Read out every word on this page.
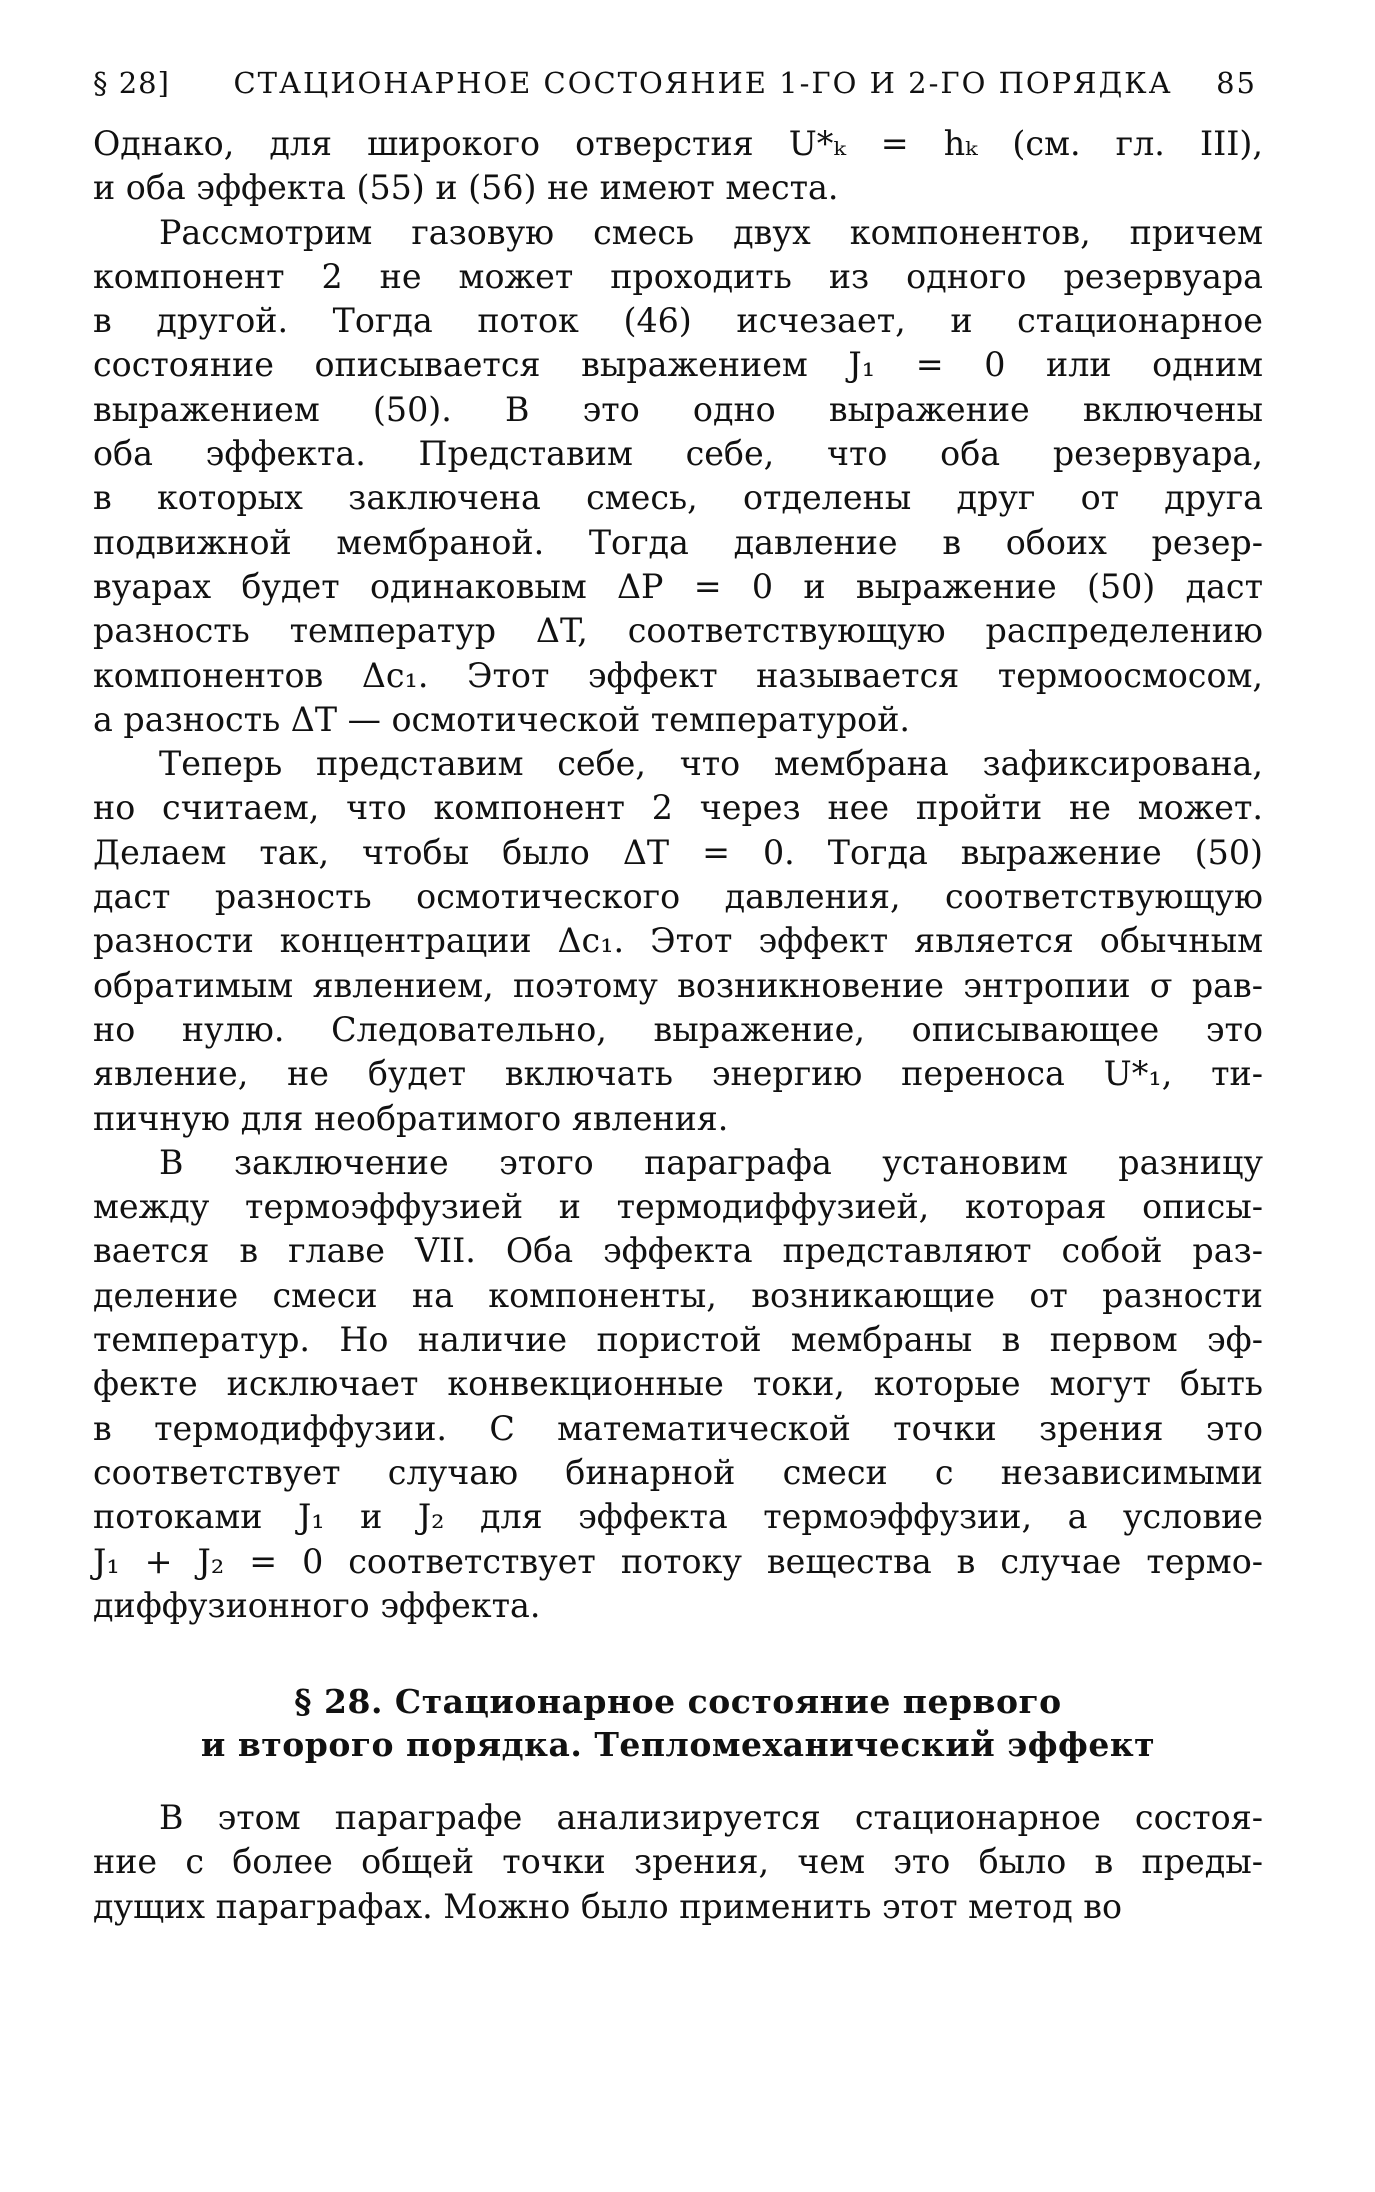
§ 28]	СТАЦИОНАРНОЕ СОСТОЯНИЕ 1-ГО И 2-ГО ПОРЯДКА	85
Однако, для широкого отверстия U*ₖ = hₖ (см. гл. III),
и оба эффекта (55) и (56) не имеют места.
Рассмотрим газовую смесь двух компонентов, причем
компонент 2 не может проходить из одного резервуара
в другой. Тогда поток (46) исчезает, и стационарное
состояние описывается выражением J₁ = 0 или одним
выражением (50). В это одно выражение включены
оба эффекта. Представим себе, что оба резервуара,
в которых заключена смесь, отделены друг от друга
подвижной мембраной. Тогда давление в обоих резер-
вуарах будет одинаковым ΔP = 0 и выражение (50) даст
разность температур ΔT, соответствующую распределению
компонентов Δc₁. Этот эффект называется термоосмосом,
а разность ΔT — осмотической температурой.
Теперь представим себе, что мембрана зафиксирована,
но считаем, что компонент 2 через нее пройти не может.
Делаем так, чтобы было ΔT = 0. Тогда выражение (50)
даст разность осмотического давления, соответствующую
разности концентрации Δc₁. Этот эффект является обычным
обратимым явлением, поэтому возникновение энтропии σ рав-
но нулю. Следовательно, выражение, описывающее это
явление, не будет включать энергию переноса U*₁, ти-
пичную для необратимого явления.
В заключение этого параграфа установим разницу
между термоэффузией и термодиффузией, которая описы-
вается в главе VII. Оба эффекта представляют собой раз-
деление смеси на компоненты, возникающие от разности
температур. Но наличие пористой мембраны в первом эф-
фекте исключает конвекционные токи, которые могут быть
в термодиффузии. С математической точки зрения это
соответствует случаю бинарной смеси с независимыми
потоками J₁ и J₂ для эффекта термоэффузии, а условие
J₁ + J₂ = 0 соответствует потоку вещества в случае термо-
диффузионного эффекта.
§ 28. Стационарное состояние первого
и второго порядка. Тепломеханический эффект
В этом параграфе анализируется стационарное состоя-
ние с более общей точки зрения, чем это было в преды-
дущих параграфах. Можно было применить этот метод во
